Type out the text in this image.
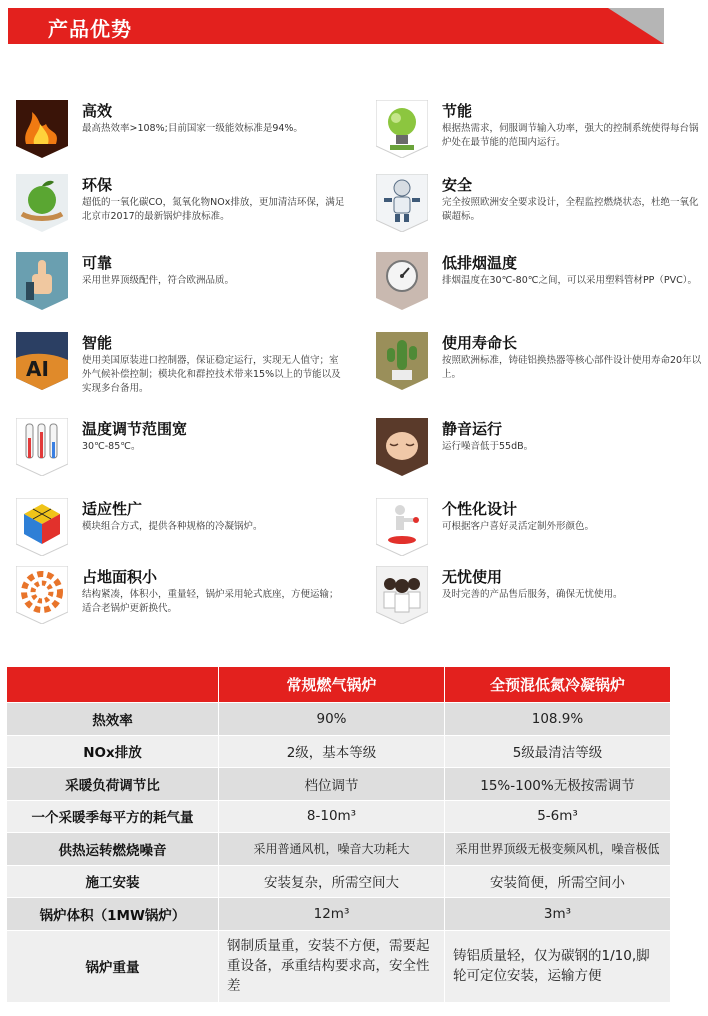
产品优势
高效
最高热效率>108%;目前国家一级能效标准是94%。
节能
根据热需求，伺服调节输入功率，强大的控制系统使得每台锅炉处在最节能的范围内运行。
环保
超低的一氧化碳CO，氮氧化物NOx排放，更加清洁环保，满足北京市2017的最新锅炉排放标准。
安全
完全按照欧洲安全要求设计，全程监控燃烧状态，杜绝一氧化碳超标。
可靠
采用世界顶级配件，符合欧洲品质。
低排烟温度
排烟温度在30℃-80℃之间，可以采用塑料管材PP（PVC）。
AI
智能
使用美国原装进口控制器，保证稳定运行，实现无人值守；室外气候补偿控制；模块化和群控技术带来15%以上的节能以及实现多台备用。
使用寿命长
按照欧洲标准，铸硅铝换热器等核心部件设计使用寿命20年以上。
温度调节范围宽
30℃-85℃。
静音运行
运行噪音低于55dB。
适应性广
模块组合方式，提供各种规格的冷凝锅炉。
个性化设计
可根据客户喜好灵活定制外形颜色。
占地面积小
结构紧凑，体积小，重量轻，锅炉采用轮式底座，方便运输；适合老锅炉更新换代。
无忧使用
及时完善的产品售后服务，确保无忧使用。
	常规燃气锅炉	全预混低氮冷凝锅炉
热效率	90%	108.9%
NOx排放	2级，基本等级	5级最清洁等级
采暖负荷调节比	档位调节	15%-100%无极按需调节
一个采暖季每平方的耗气量	8-10m³	5-6m³
供热运转燃烧噪音	采用普通风机，噪音大功耗大	采用世界顶级无极变频风机，噪音极低
施工安装	安装复杂，所需空间大	安装简便，所需空间小
锅炉体积（1MW锅炉）	12m³	3m³
锅炉重量	钢制质量重，安装不方便，需要起重设备，承重结构要求高，安全性差	铸铝质量轻，仅为碳钢的1/10,脚轮可定位安装，运输方便
